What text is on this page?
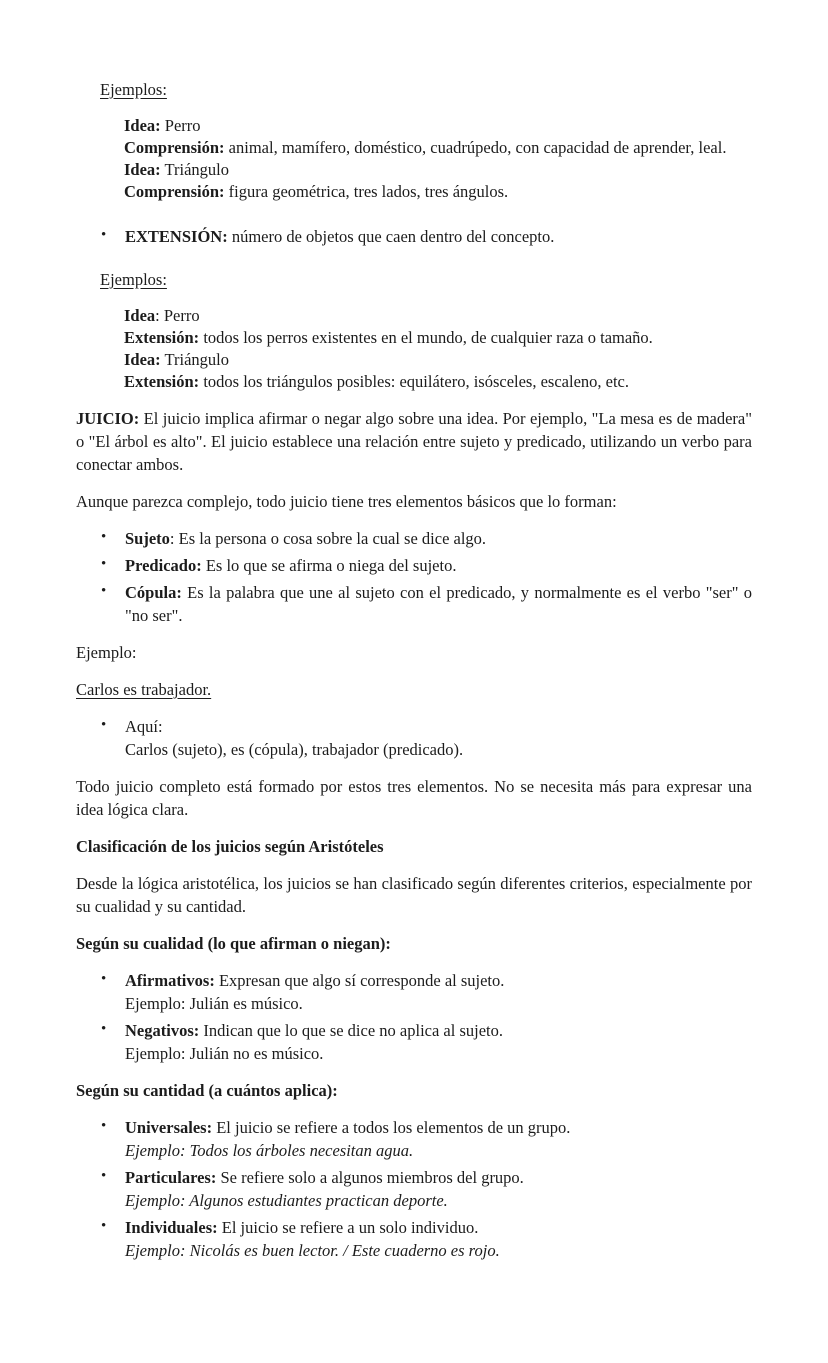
Ejemplos:
Idea: Perro
Comprensión: animal, mamífero, doméstico, cuadrúpedo, con capacidad de aprender, leal.
Idea: Triángulo
Comprensión: figura geométrica, tres lados, tres ángulos.
• EXTENSIÓN: número de objetos que caen dentro del concepto.
Ejemplos:
Idea: Perro
Extensión: todos los perros existentes en el mundo, de cualquier raza o tamaño.
Idea: Triángulo
Extensión: todos los triángulos posibles: equilátero, isósceles, escaleno, etc.

JUICIO: El juicio implica afirmar o negar algo sobre una idea. Por ejemplo, "La mesa es de madera" o "El árbol es alto". El juicio establece una relación entre sujeto y predicado, utilizando un verbo para conectar ambos.

Aunque parezca complejo, todo juicio tiene tres elementos básicos que lo forman:

• Sujeto: Es la persona o cosa sobre la cual se dice algo.
• Predicado: Es lo que se afirma o niega del sujeto.
• Cópula: Es la palabra que une al sujeto con el predicado, y normalmente es el verbo "ser" o "no ser".

Ejemplo:

Carlos es trabajador.

• Aquí:
Carlos (sujeto), es (cópula), trabajador (predicado).

Todo juicio completo está formado por estos tres elementos. No se necesita más para expresar una idea lógica clara.

Clasificación de los juicios según Aristóteles

Desde la lógica aristotélica, los juicios se han clasificado según diferentes criterios, especialmente por su cualidad y su cantidad.

Según su cualidad (lo que afirman o niegan):

• Afirmativos: Expresan que algo sí corresponde al sujeto.
Ejemplo: Julián es músico.
• Negativos: Indican que lo que se dice no aplica al sujeto.
Ejemplo: Julián no es músico.

Según su cantidad (a cuántos aplica):

• Universales: El juicio se refiere a todos los elementos de un grupo.
Ejemplo: Todos los árboles necesitan agua.
• Particulares: Se refiere solo a algunos miembros del grupo.
Ejemplo: Algunos estudiantes practican deporte.
• Individuales: El juicio se refiere a un solo individuo.
Ejemplo: Nicolás es buen lector. / Este cuaderno es rojo.
